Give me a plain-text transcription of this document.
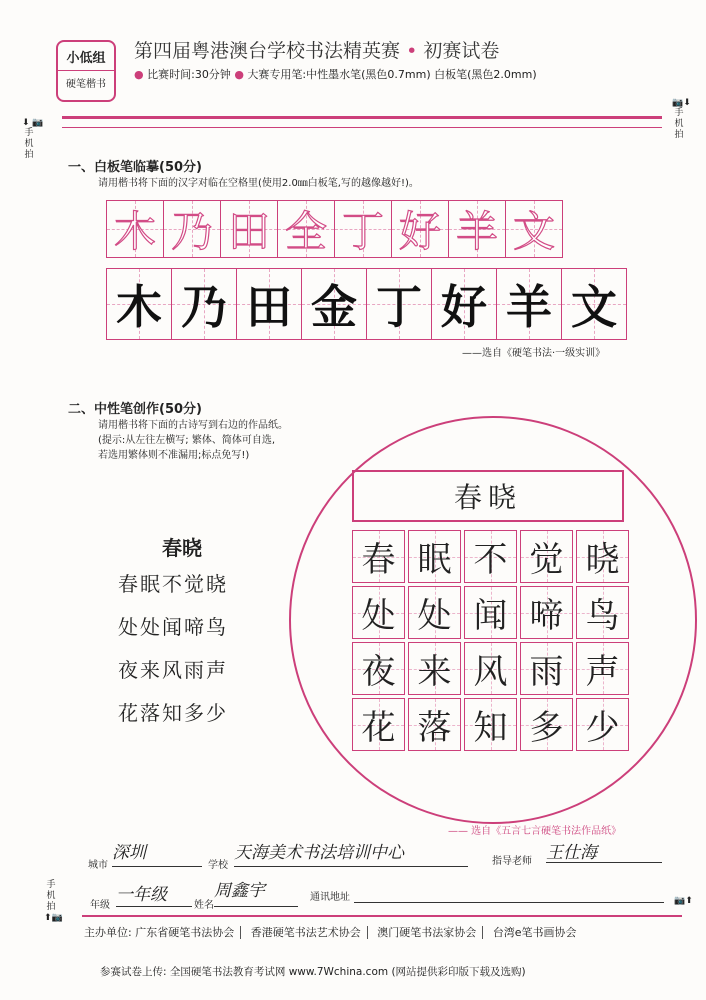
小低组
硬笔楷书
第四届粤港澳台学校书法精英赛 • 初赛试卷
● 比赛时间:30分钟 ● 大赛专用笔:中性墨水笔(黑色0.7mm) 白板笔(黑色2.0mm)
⬇ 📷
手机拍
📷⬇
手机拍
手机拍
⬆📷
📷⬆
一、白板笔临摹(50分)
请用楷书将下面的汉字对临在空格里(使用2.0㎜白板笔,写的越像越好!)。
木 乃 田 全 丁 好 羊 文
木 乃 田 金 丁 好 羊 文
——选自《硬笔书法·一级实训》
二、中性笔创作(50分)
请用楷书将下面的古诗写到右边的作品纸。
(提示:从左往左横写; 繁体、简体可自选,
若选用繁体则不准漏用;标点免写!)
春晓
春眠不觉晓
处处闻啼鸟
夜来风雨声
花落知多少
春晓
春 眠 不 觉 晓
处 处 闻 啼 鸟
夜 来 风 雨 声
花 落 知 多 少
—— 选自《五言七言硬笔书法作品纸》
城市
深圳
学校
天海美术书法培训中心	指导老师 王仕海
年级
一年级
姓名
周鑫宇	通讯地址
主办单位: 广东省硬笔书法协会 香港硬笔书法艺术协会 澳门硬笔书法家协会 台湾e笔书画协会
参赛试卷上传: 全国硬笔书法教育考试网 www.7Wchina.com (网站提供彩印版下载及选购)
